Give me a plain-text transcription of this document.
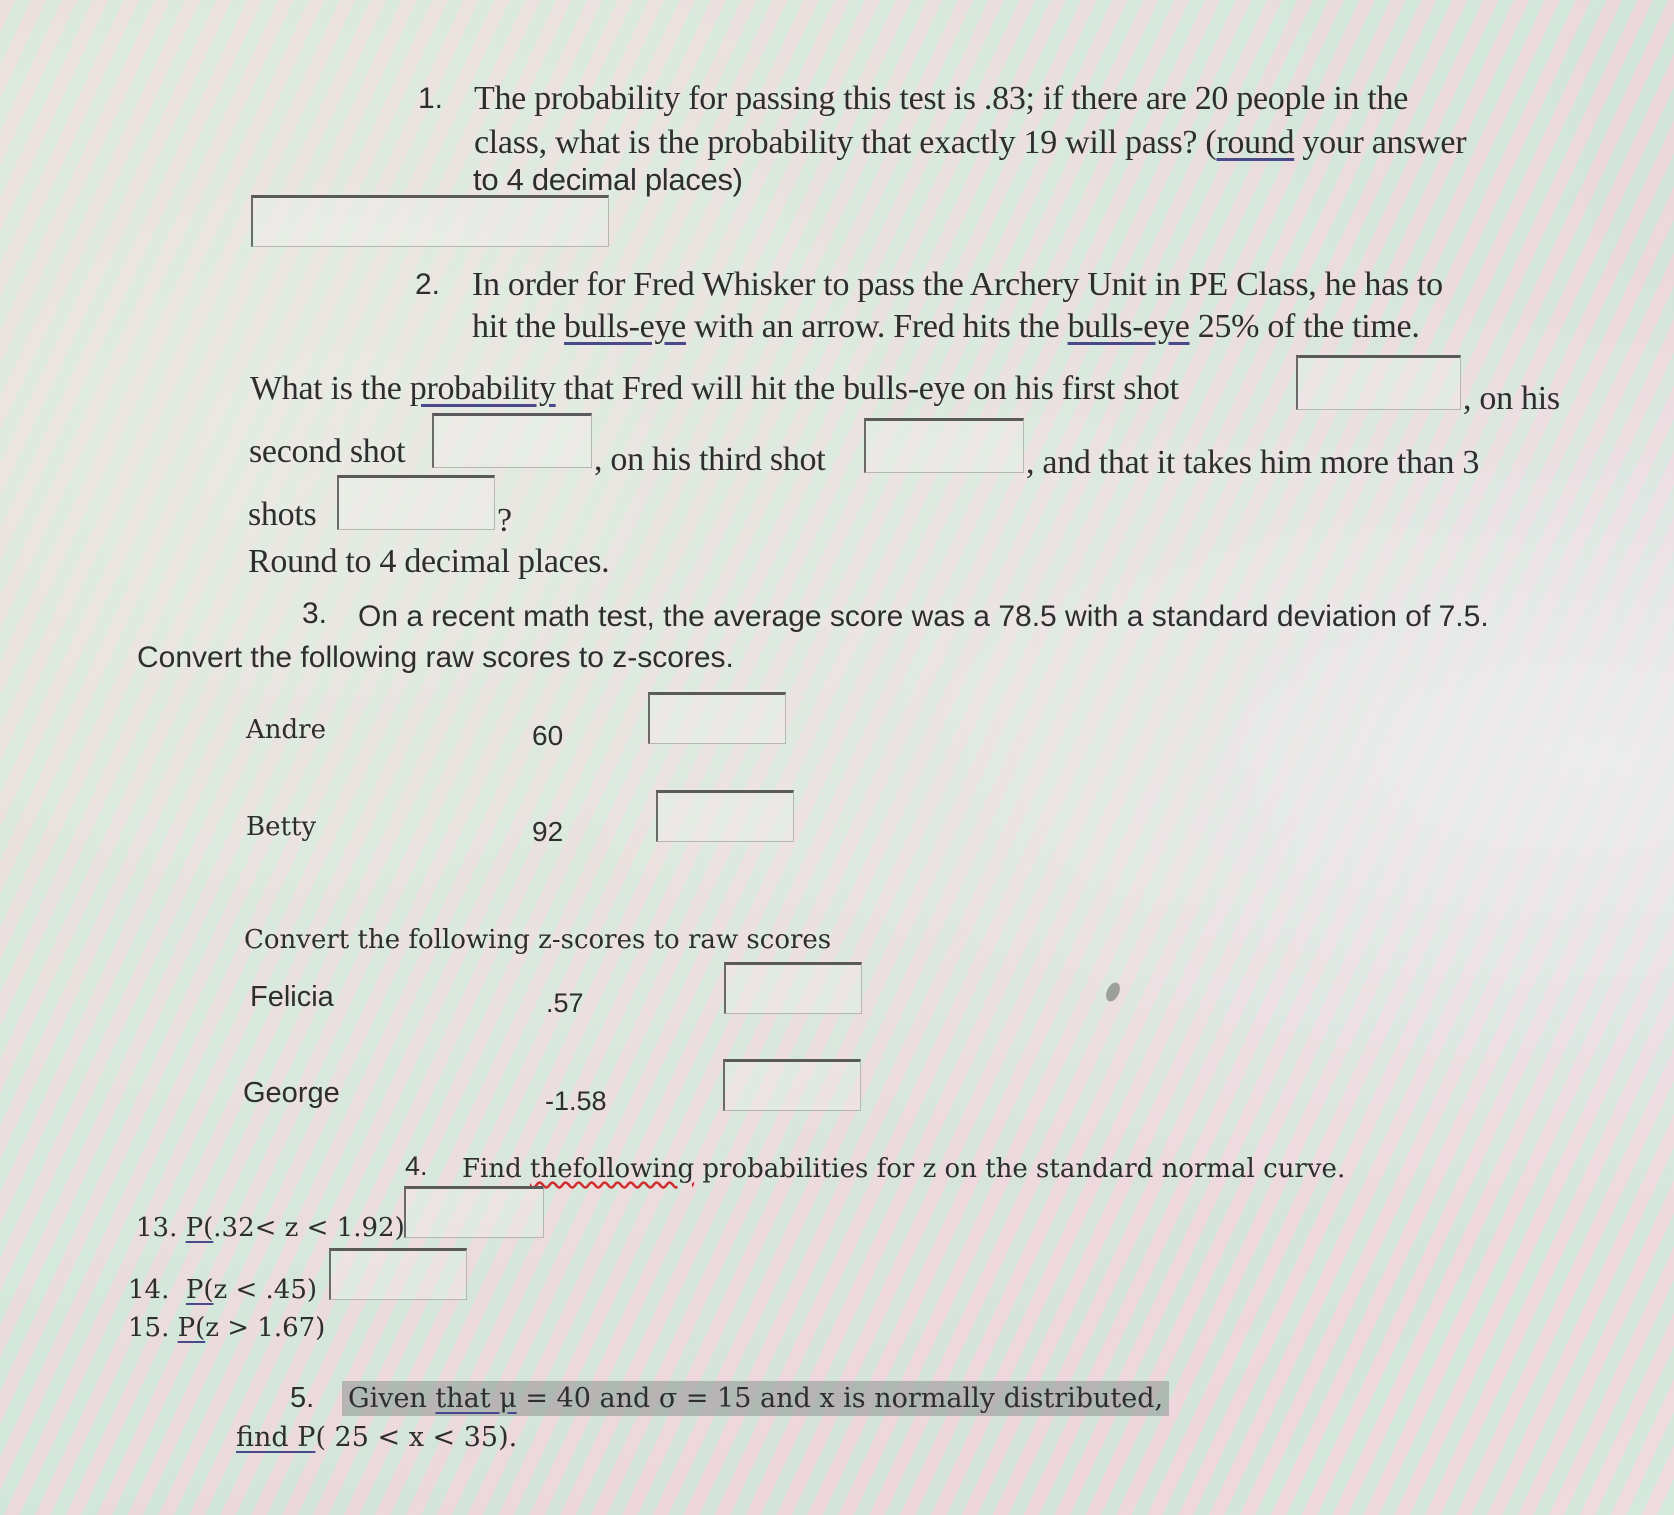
1. The probability for passing this test is .83; if there are 20 people in the
class, what is the probability that exactly 19 will pass? (round your answer
to 4 decimal places)
2. In order for Fred Whisker to pass the Archery Unit in PE Class, he has to
hit the bulls-eye with an arrow. Fred hits the bulls-eye 25% of the time.
What is the probability that Fred will hit the bulls-eye on his first shot	, on his
second shot	, on his third shot	, and that it takes him more than 3
shots	?
Round to 4 decimal places.
3. On a recent math test, the average score was a 78.5 with a standard deviation of 7.5.
Convert the following raw scores to z-scores.
Andre	60
Betty	92
Convert the following z-scores to raw scores
Felicia	.57
George	-1.58
4. Find thefollowing probabilities for z on the standard normal curve.
13. P(.32< z < 1.92)
14. P(z < .45)
15. P(z > 1.67)
5. Given that μ = 40 and σ = 15 and x is normally distributed,
find P( 25 < x < 35).
